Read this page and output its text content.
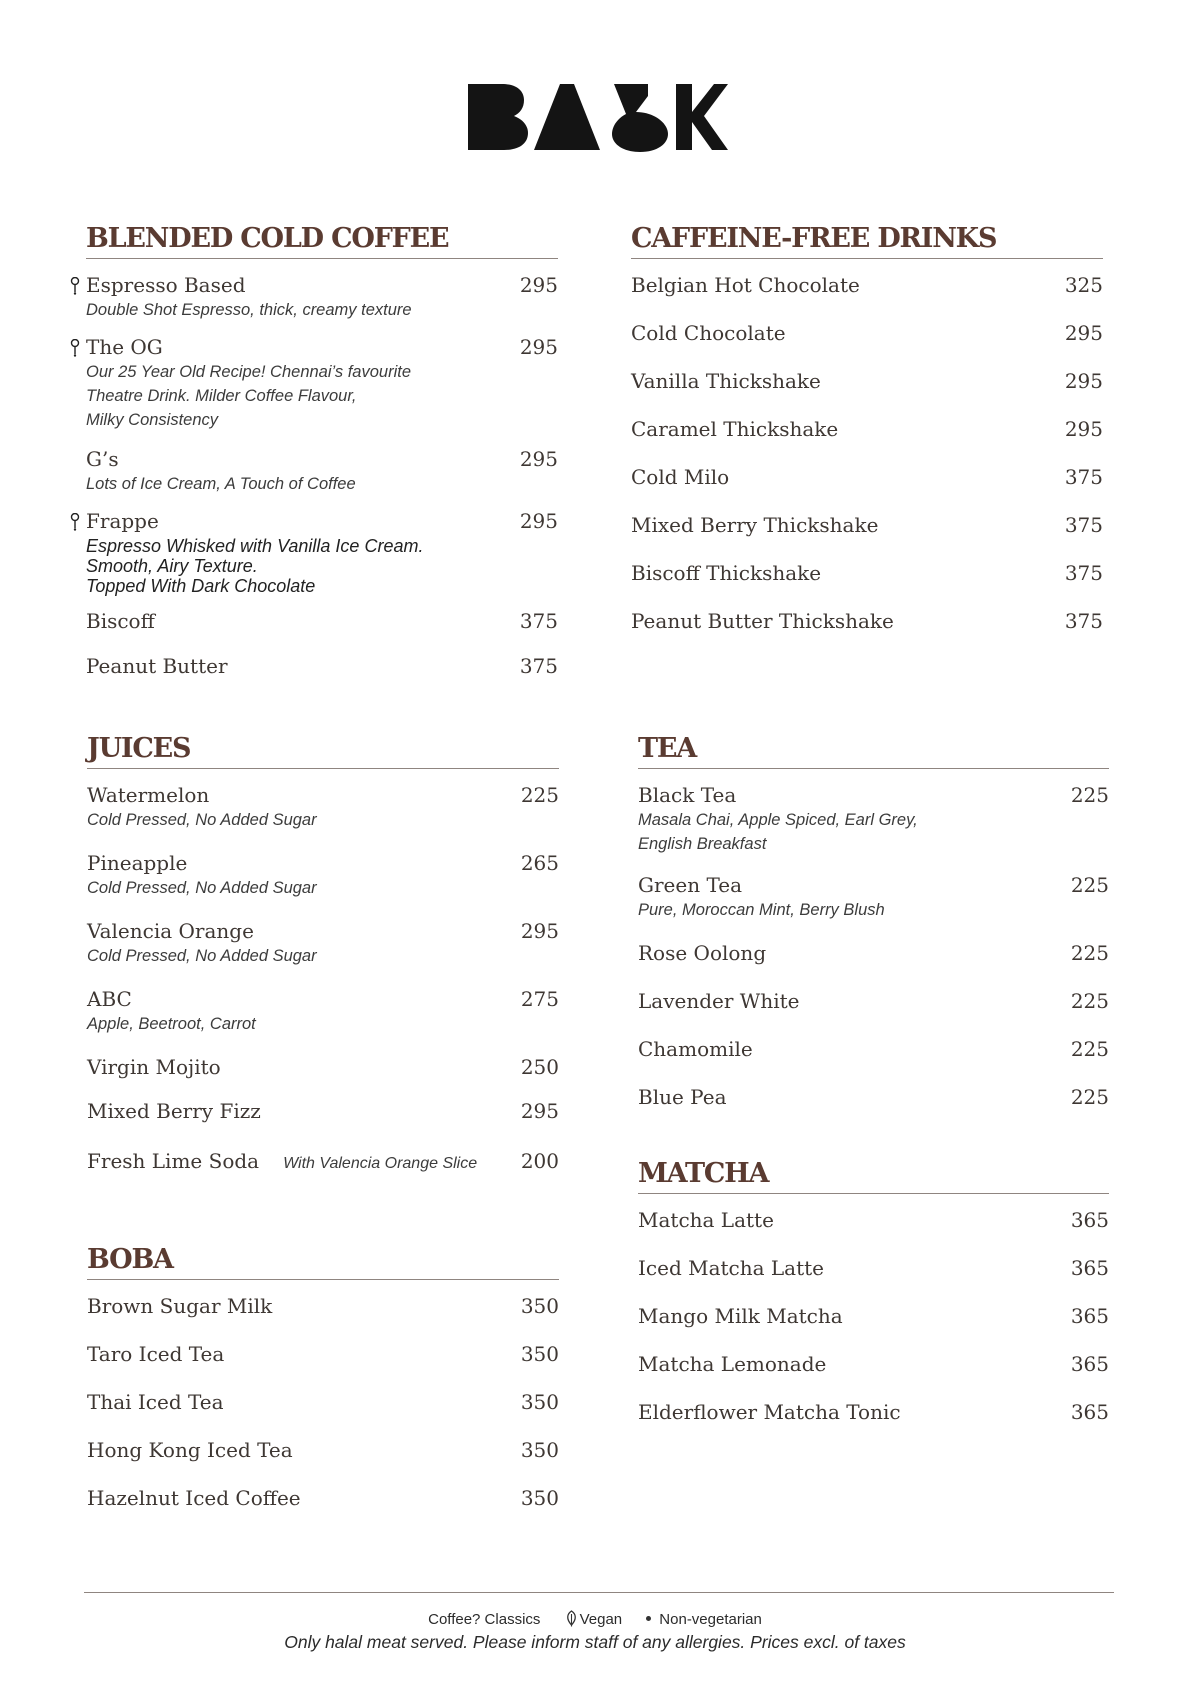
BLENDED COLD COFFEE
Espresso Based	295
Double Shot Espresso, thick, creamy texture
The OG	295
Our 25 Year Old Recipe! Chennai’s favourite
Theatre Drink. Milder Coffee Flavour,
Milky Consistency
G’s	295
Lots of Ice Cream, A Touch of Coffee
Frappe	295
Espresso Whisked with Vanilla Ice Cream.
Smooth, Airy Texture.
Topped With Dark Chocolate
Biscoff	375
Peanut Butter	375
CAFFEINE-FREE DRINKS
Belgian Hot Chocolate	325
Cold Chocolate	295
Vanilla Thickshake	295
Caramel Thickshake	295
Cold Milo	375
Mixed Berry Thickshake	375
Biscoff Thickshake	375
Peanut Butter Thickshake	375
JUICES
Watermelon	225
Cold Pressed, No Added Sugar
Pineapple	265
Cold Pressed, No Added Sugar
Valencia Orange	295
Cold Pressed, No Added Sugar
ABC	275
Apple, Beetroot, Carrot
Virgin Mojito	250
Mixed Berry Fizz	295
Fresh Lime Soda With Valencia Orange Slice 200
TEA
Black Tea	225
Masala Chai, Apple Spiced, Earl Grey,
English Breakfast
Green Tea	225
Pure, Moroccan Mint, Berry Blush
Rose Oolong	225
Lavender White	225
Chamomile	225
Blue Pea	225
BOBA
Brown Sugar Milk	350
Taro Iced Tea	350
Thai Iced Tea	350
Hong Kong Iced Tea	350
Hazelnut Iced Coffee	350
MATCHA
Matcha Latte	365
Iced Matcha Latte	365
Mango Milk Matcha	365
Matcha Lemonade	365
Elderflower Matcha Tonic	365
Coffee? Classics	Vegan Non-vegetarian
Only halal meat served. Please inform staff of any allergies. Prices excl. of taxes
